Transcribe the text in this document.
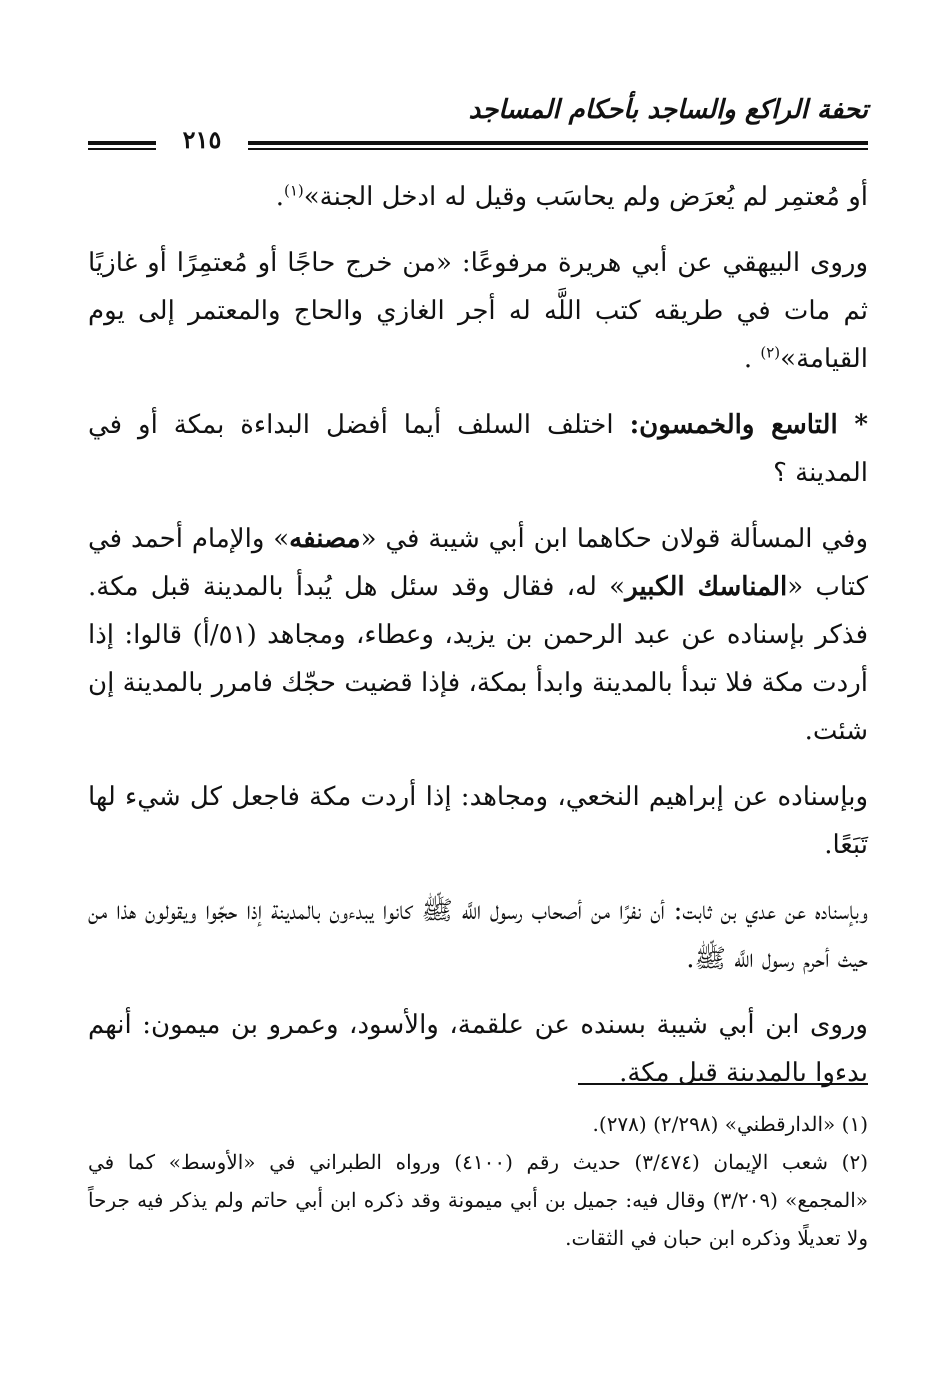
تحفة الراكع والساجد بأحكام المساجد
٢١٥

أو مُعتمِر لم يُعرَض ولم يحاسَب وقيل له ادخل الجنة»$^{(١)}$.

وروى البيهقي عن أبي هريرة مرفوعًا: «من خرج حاجًا أو مُعتمِرًا أو غازيًا ثم مات في طريقه كتب اللَّه له أجر الغازي والحاج والمعتمر إلى يوم القيامة»$^{(٢)}$ .

* التاسع والخمسون: اختلف السلف أيما أفضل البداءة بمكة أو في المدينة ؟

وفي المسألة قولان حكاهما ابن أبي شيبة في «مصنفه» والإمام أحمد في كتاب «المناسك الكبير» له، فقال وقد سئل هل يُبدأ بالمدينة قبل مكة. فذكر بإسناده عن عبد الرحمن بن يزيد، وعطاء، ومجاهد (٥١/أ) قالوا: إذا أردت مكة فلا تبدأ بالمدينة وابدأ بمكة، فإذا قضيت حجّك فامرر بالمدينة إن شئت.

وبإسناده عن إبراهيم النخعي، ومجاهد: إذا أردت مكة فاجعل كل شيء لها تَبَعًا.

وبإسناده عن عدي بن ثابت: أن نفرًا من أصحاب رسول اللَّه ﷺ كانوا يبدءون بالمدينة إذا حجّوا ويقولون هذا من حيث أحرم رسول اللَّه ﷺ.

وروى ابن أبي شيبة بسنده عن علقمة، والأسود، وعمرو بن ميمون: أنهم بدءوا بالمدينة قبل مكة.

(١) «الدارقطني» (٢/٢٩٨) (٢٧٨).

(٢) شعب الإيمان (٣/٤٧٤) حديث رقم (٤١٠٠) ورواه الطبراني في «الأوسط» كما في «المجمع» (٣/٢٠٩) وقال فيه: جميل بن أبي ميمونة وقد ذكره ابن أبي حاتم ولم يذكر فيه جرحاً ولا تعديلًا وذكره ابن حبان في الثقات.
